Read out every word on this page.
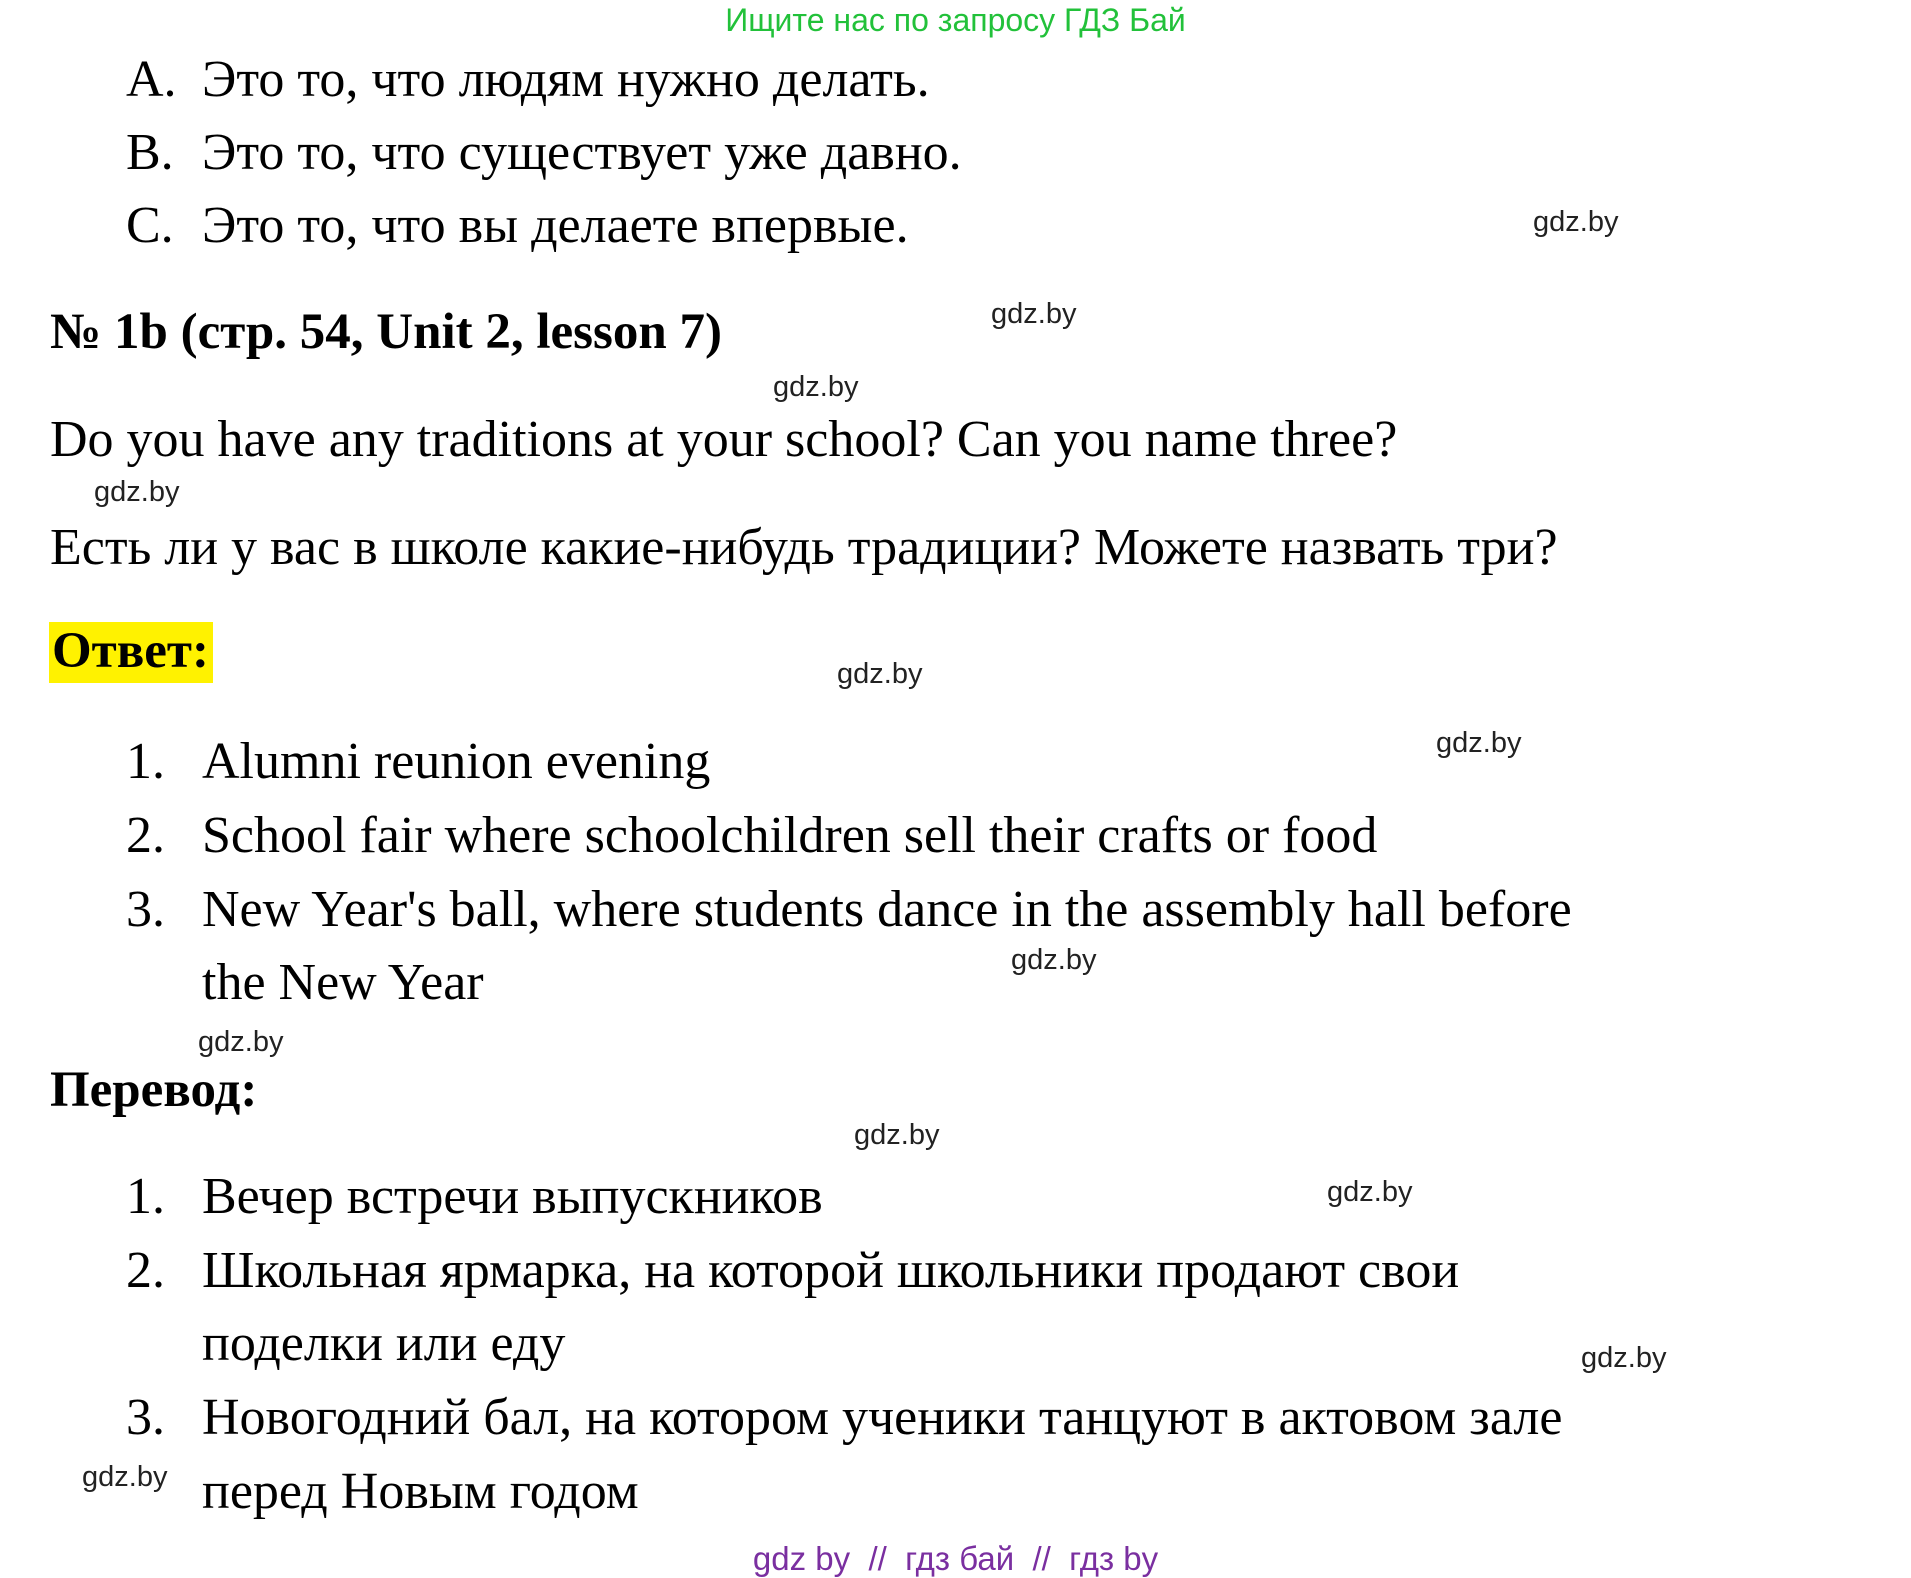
Ищите нас по запросу ГДЗ Бай
A. Это то, что людям нужно делать.
B. Это то, что существует уже давно.
C. Это то, что вы делаете впервые.
№ 1b (стр. 54, Unit 2, lesson 7)
Do you have any traditions at your school? Can you name three?
Есть ли у вас в школе какие-нибудь традиции? Можете назвать три?
Ответ:
1. Alumni reunion evening
2. School fair where schoolchildren sell their crafts or food
3. New Year's ball, where students dance in the assembly hall before
the New Year
Перевод:
1. Вечер встречи выпускников
2. Школьная ярмарка, на которой школьники продают свои
поделки или еду
3. Новогодний бал, на котором ученики танцуют в актовом зале
перед Новым годом
gdz.by
gdz.by
gdz.by
gdz.by
gdz.by
gdz.by
gdz.by
gdz.by
gdz.by
gdz.by
gdz.by
gdz.by
gdz by  //  гдз бай  //  гдз by
